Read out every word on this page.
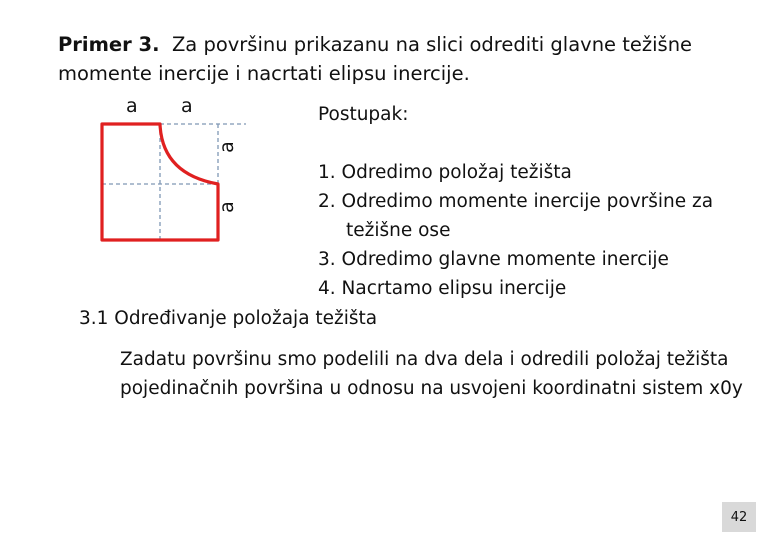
Primer 3. Za površinu prikazanu na slici odrediti glavne težišne
momente inercije i nacrtati elipsu inercije.
a a
a
a
Postupak:
1. Odredimo položaj težišta
2. Odredimo momente inercije površine za
težišne ose
3. Odredimo glavne momente inercije
4. Nacrtamo elipsu inercije
3.1 Određivanje položaja težišta
Zadatu površinu smo podelili na dva dela i odredili položaj težišta pojedinačnih površina u odnosu na usvojeni koordinatni sistem x0y
42
